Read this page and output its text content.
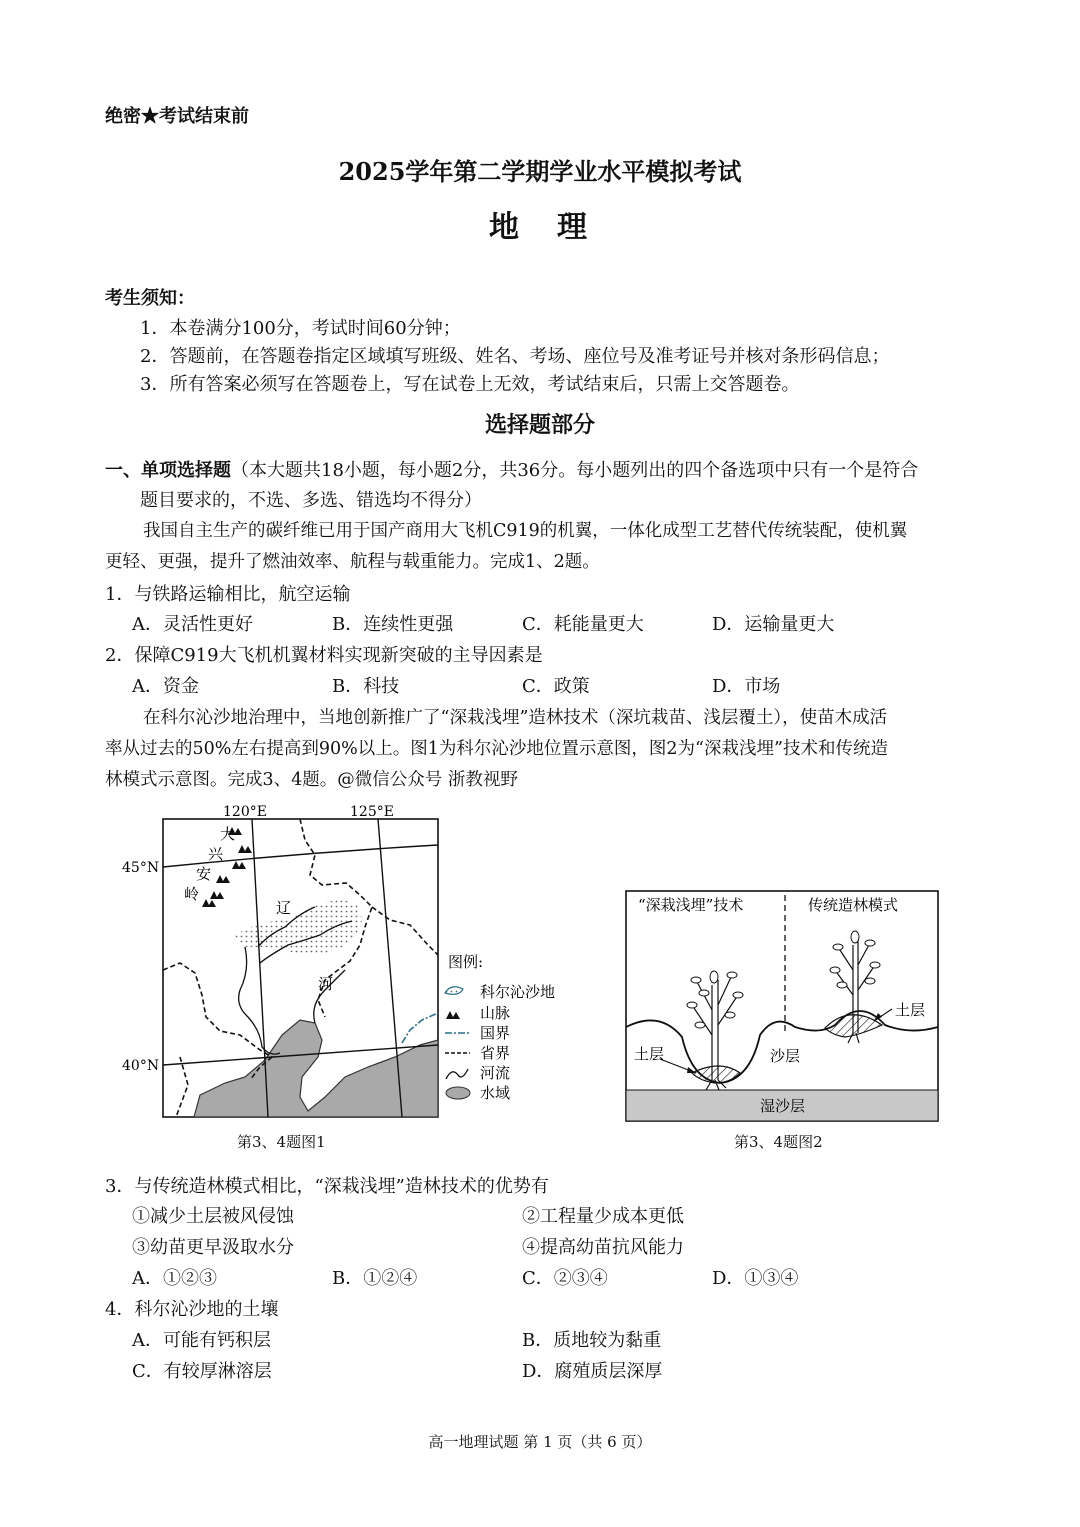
绝密★考试结束前
2025学年第二学期学业水平模拟考试
地　理
考生须知：
1．本卷满分100分，考试时间60分钟；
2．答题前，在答题卷指定区域填写班级、姓名、考场、座位号及准考证号并核对条形码信息；
3．所有答案必须写在答题卷上，写在试卷上无效，考试结束后，只需上交答题卷。
选择题部分
一、单项选择题（本大题共18小题，每小题2分，共36分。每小题列出的四个备选项中只有一个是符合
题目要求的，不选、多选、错选均不得分）
我国自主生产的碳纤维已用于国产商用大飞机C919的机翼，一体化成型工艺替代传统装配，使机翼
更轻、更强，提升了燃油效率、航程与载重能力。完成1、2题。
1．与铁路运输相比，航空运输
A．灵活性更好	B．连续性更强	C．耗能量更大	D．运输量更大
2．保障C919大飞机机翼材料实现新突破的主导因素是
A．资金	B．科技	C．政策	D．市场
在科尔沁沙地治理中，当地创新推广了“深栽浅埋”造林技术（深坑栽苗、浅层覆土），使苗木成活
率从过去的50%左右提高到90%以上。图1为科尔沁沙地位置示意图，图2为“深栽浅埋”技术和传统造
林模式示意图。完成3、4题。@微信公众号 浙教视野
120°E	125°E
45°N
40°N
大
兴
安
岭
辽
河
图例:
科尔沁沙地
山脉
国界
省界
河流
水域
第3、4题图1
“深栽浅埋”技术	传统造林模式
土层
土层
沙层
湿沙层
第3、4题图2
3．与传统造林模式相比，“深栽浅埋”造林技术的优势有
①减少土层被风侵蚀	②工程量少成本更低
③幼苗更早汲取水分	④提高幼苗抗风能力
A．①②③	B．①②④	C．②③④	D．①③④
4．科尔沁沙地的土壤
A．可能有钙积层	B．质地较为黏重
C．有较厚淋溶层	D．腐殖质层深厚
高一地理试题 第 1 页（共 6 页）
